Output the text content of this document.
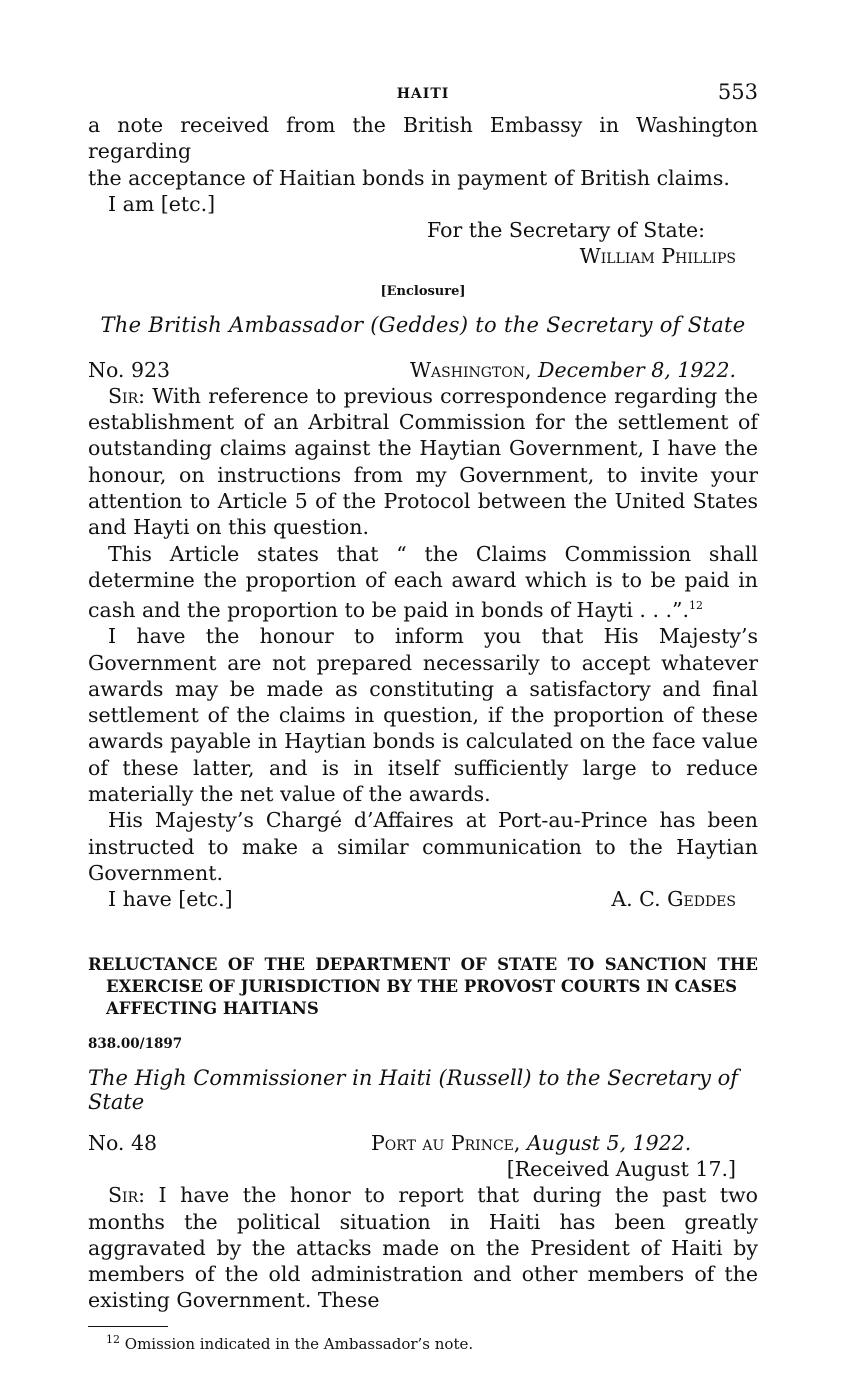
HAITI	553

a note received from the British Embassy in Washington regarding

the acceptance of Haitian bonds in payment of British claims.

I am [etc.]

For the Secretary of State:

William Phillips

[Enclosure]
The British Ambassador (Geddes) to the Secretary of State
No. 923	Washington, December 8, 1922.

Sir: With reference to previous correspondence regarding the establishment of an Arbitral Commission for the settlement of outstanding claims against the Haytian Government, I have the honour, on instructions from my Government, to invite your attention to Article 5 of the Protocol between the United States and Hayti on this question.

This Article states that “ the Claims Commission shall determine the proportion of each award which is to be paid in cash and the proportion to be paid in bonds of Hayti . . .”.$^{12}$

I have the honour to inform you that His Majesty’s Government are not prepared necessarily to accept whatever awards may be made as constituting a satisfactory and final settlement of the claims in question, if the proportion of these awards payable in Haytian bonds is calculated on the face value of these latter, and is in itself sufficiently large to reduce materially the net value of the awards.

His Majesty’s Chargé d’Affaires at Port-au-Prince has been instructed to make a similar communication to the Haytian Government.

I have [etc.]	A. C. Geddes
RELUCTANCE OF THE DEPARTMENT OF STATE TO SANCTION THE
EXERCISE OF JURISDICTION BY THE PROVOST COURTS IN CASES
AFFECTING HAITIANS
838.00/1897
The High Commissioner in Haiti (Russell) to the Secretary of State
No. 48	Port au Prince, August 5, 1922.
[Received August 17.]

Sir: I have the honor to report that during the past two months the political situation in Haiti has been greatly aggravated by the attacks made on the President of Haiti by members of the old administration and other members of the existing Government. These

$^{12}$ Omission indicated in the Ambassador’s note.
